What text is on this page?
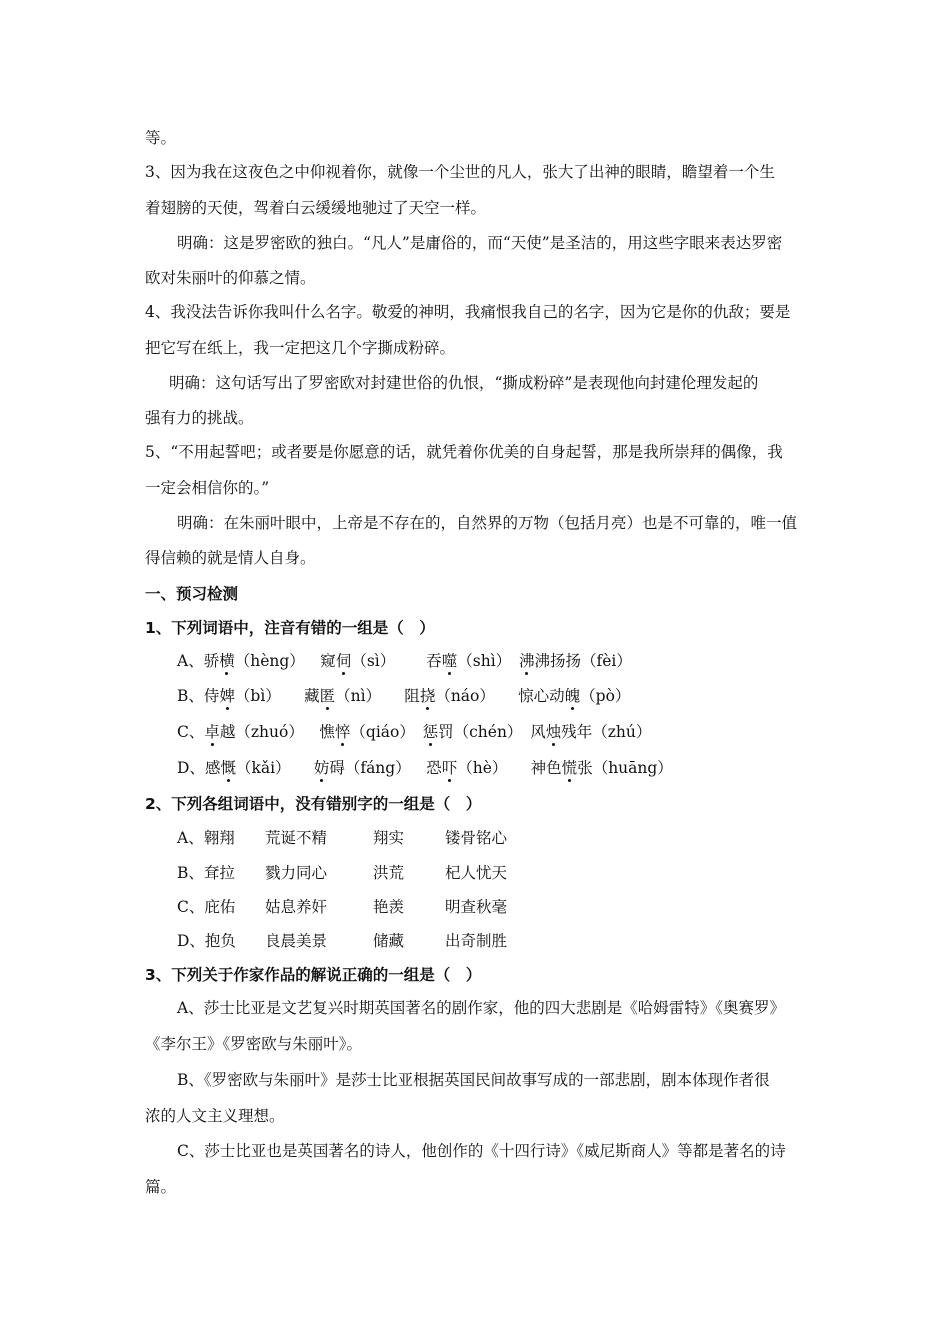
等。
3、因为我在这夜色之中仰视着你，就像一个尘世的凡人，张大了出神的眼睛，瞻望着一个生
着翅膀的天使，驾着白云缓缓地驰过了天空一样。
明确：这是罗密欧的独白。“凡人”是庸俗的，而“天使”是圣洁的，用这些字眼来表达罗密
欧对朱丽叶的仰慕之情。
4、我没法告诉你我叫什么名字。敬爱的神明，我痛恨我自己的名字，因为它是你的仇敌；要是
把它写在纸上，我一定把这几个字撕成粉碎。
明确：这句话写出了罗密欧对封建世俗的仇恨，“撕成粉碎”是表现他向封建伦理发起的
强有力的挑战。
5、“不用起誓吧；或者要是你愿意的话，就凭着你优美的自身起誓，那是我所崇拜的偶像，我
一定会相信你的。”
明确：在朱丽叶眼中，上帝是不存在的，自然界的万物（包括月亮）也是不可靠的，唯一值
得信赖的就是情人自身。
一、预习检测
1、下列词语中，注音有错的一组是（　）
A、骄横（hèng）   窥伺（sì）     吞噬（shì）  沸沸扬扬（fèi）
B、侍婢（bì）    藏匿（nì）    阻挠（náo）    惊心动魄（pò）
C、卓越（zhuó）   憔悴（qiáo）  惩罚（chén）  风烛残年（zhú）
D、感慨（kǎi）    妨碍（fáng）   恐吓（hè）    神色慌张（huāng）
2、下列各组词语中，没有错别字的一组是（　）
A、翱翔 荒诞不精	翔实	镂骨铭心
B、耷拉 戮力同心	洪荒	杞人忧天
C、庇佑 姑息养奸	艳羡	明查秋毫
D、抱负 良晨美景	储藏	出奇制胜
3、下列关于作家作品的解说正确的一组是（　）
A、莎士比亚是文艺复兴时期英国著名的剧作家，他的四大悲剧是《哈姆雷特》《奥赛罗》
《李尔王》《罗密欧与朱丽叶》。
B、《罗密欧与朱丽叶》是莎士比亚根据英国民间故事写成的一部悲剧，剧本体现作者很
浓的人文主义理想。
C、莎士比亚也是英国著名的诗人，他创作的《十四行诗》《威尼斯商人》等都是著名的诗
篇。
